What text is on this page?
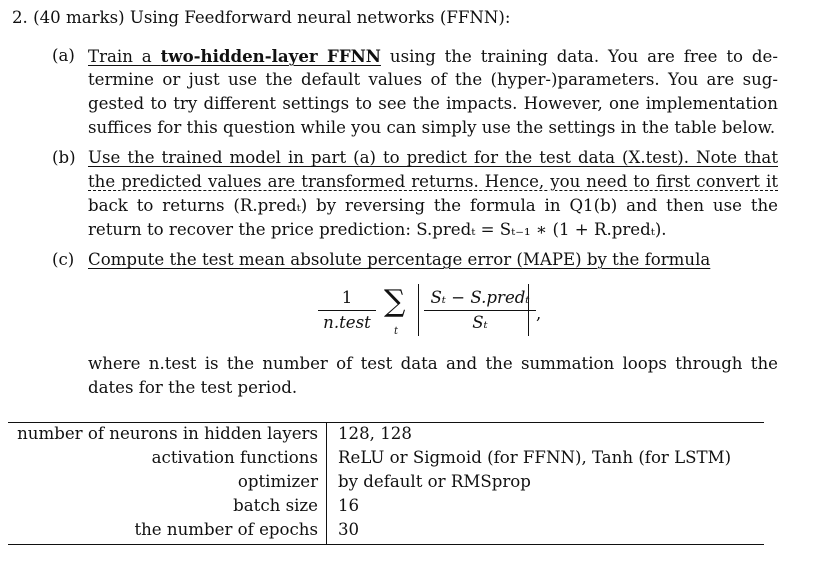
2. (40 marks) Using Feedforward neural networks (FFNN):
(a) Train a two-hidden-layer FFNN using the training data. You are free to de-
termine or just use the default values of the (hyper-)parameters. You are sug-
gested to try different settings to see the impacts. However, one implementation
suffices for this question while you can simply use the settings in the table below.
(b) Use the trained model in part (a) to predict for the test data (X.test). Note that
the predicted values are transformed returns. Hence, you need to first convert it
back to returns (R.predₜ) by reversing the formula in Q1(b) and then use the
return to recover the price prediction: S.predₜ = Sₜ₋₁ ∗ (1 + R.predₜ).
(c) Compute the test mean absolute percentage error (MAPE) by the formula
1
n.test
∑
t
Sₜ − S.predₜ
Sₜ	,
where n.test is the number of test data and the summation loops through the
dates for the test period.
number of neurons in hidden layers 128, 128
activation functions ReLU or Sigmoid (for FFNN), Tanh (for LSTM)
optimizer by default or RMSprop
batch size 16
the number of epochs 30
